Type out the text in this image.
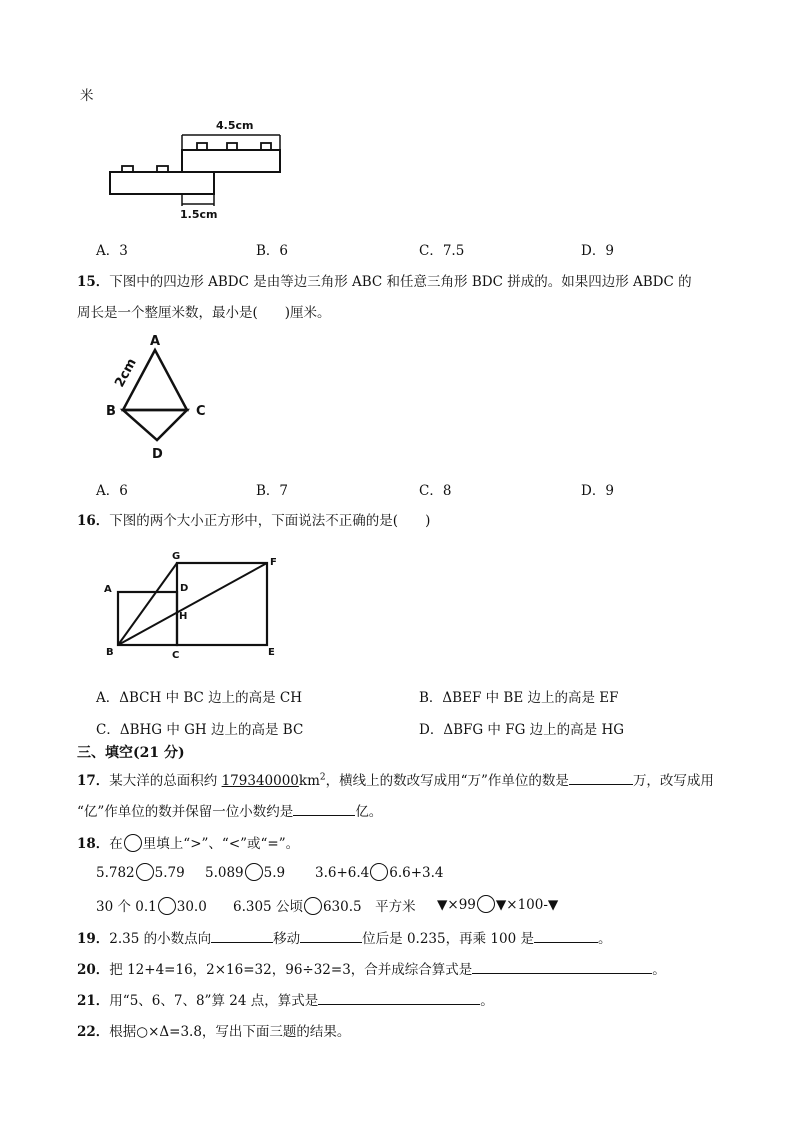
米
4.5cm
1.5cm
A．3	B．6	C．7.5	D．9
15．下图中的四边形 ABDC 是由等边三角形 ABC 和任意三角形 BDC 拼成的。如果四边形 ABDC 的
周长是一个整厘米数，最小是(　　)厘米。
A
B	C
D
2cm
A．6	B．7	C．8	D．9
16．下图的两个大小正方形中，下面说法不正确的是(　　)
A
B	C
D
E
F
G
H
A．ΔBCH 中 BC 边上的高是 CH	B．ΔBEF 中 BE 边上的高是 EF
C．ΔBHG 中 GH 边上的高是 BC	D．ΔBFG 中 FG 边上的高是 HG
三、填空(21 分)
17．某大洋的总面积约 $179340000km^2$，横线上的数改写成用“万”作单位的数是	万，改写成用
“亿”作单位的数并保留一位小数约是	亿。
18．在 里填上“>”、“<”或“=”。
5.782 5.79 5.089 5.9 3.6+6.4 6.6+3.4
30 个 0.1 30.0 6.305 公顷 630.5　平方米 ▼×99 ▼×100-▼
19．2.35 的小数点向	移动	位后是 0.235，再乘 100 是	。
20．把 12+4=16，2×16=32，96÷32=3，合并成综合算式是	。
21．用“5、6、7、8”算 24 点，算式是	。
22．根据○×Δ=3.8，写出下面三题的结果。
